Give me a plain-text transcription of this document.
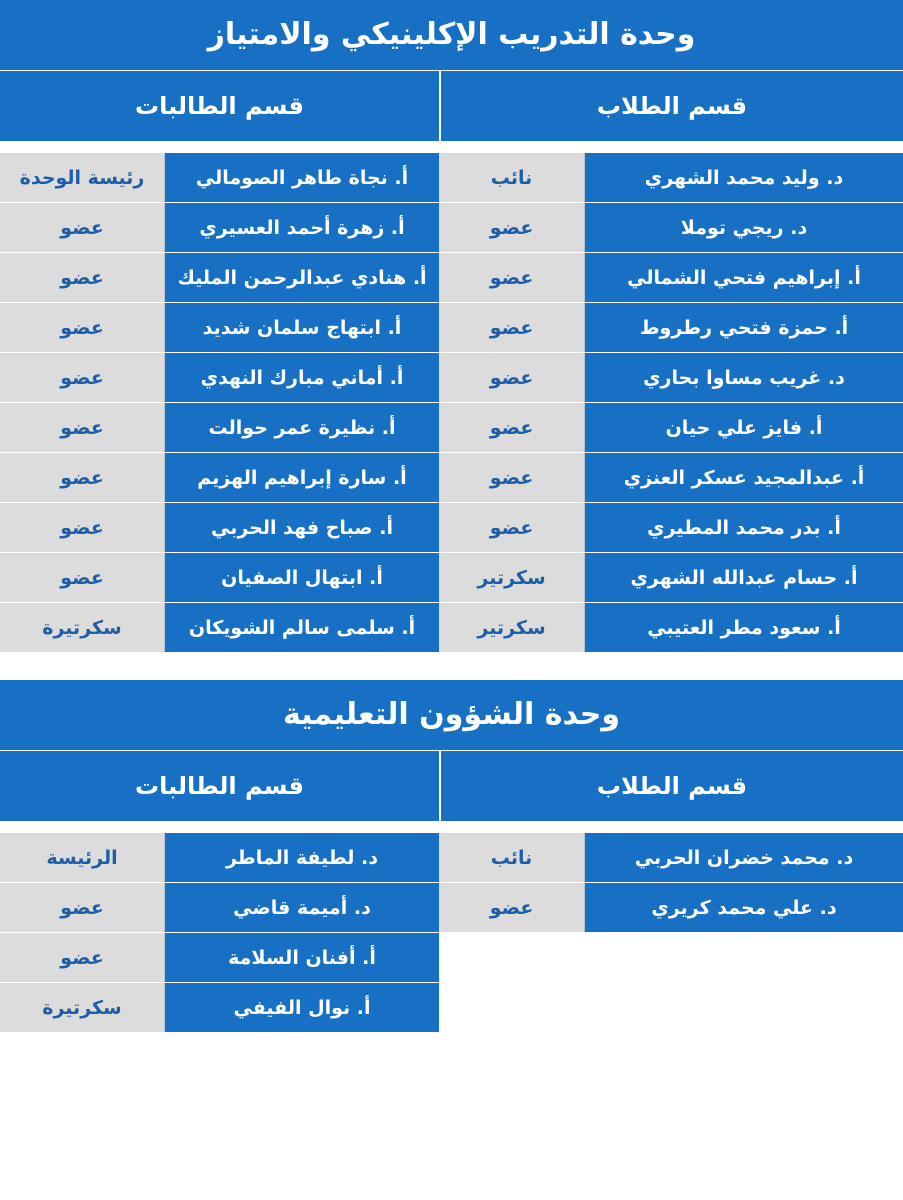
وحدة التدريب الإكلينيكي والامتياز
قسم الطلاب
قسم الطالبات
د. وليد محمد الشهري
نائب
د. ريجي توملا
عضو
أ. إبراهيم فتحي الشمالي
عضو
أ. حمزة فتحي رطروط
عضو
د. غريب مساوا بحاري
عضو
أ. فايز علي حيان
عضو
أ. عبدالمجيد عسكر العنزي
عضو
أ. بدر محمد المطيري
عضو
أ. حسام عبدالله الشهري
سكرتير
أ. سعود مطر العتيبي
سكرتير
أ. نجاة طاهر الصومالي
رئيسة الوحدة
أ. زهرة أحمد العسيري
عضو
أ. هنادي عبدالرحمن المليك
عضو
أ. ابتهاج سلمان شديد
عضو
أ. أماني مبارك النهدي
عضو
أ. نظيرة عمر حوالت
عضو
أ. سارة إبراهيم الهزيم
عضو
أ. صباح فهد الحربي
عضو
أ. ابتهال الصفيان
عضو
أ. سلمى سالم الشويكان
سكرتيرة
وحدة الشؤون التعليمية
قسم الطلاب
قسم الطالبات
د. محمد خضران الحربي
نائب
د. علي محمد كريري
عضو
د. لطيفة الماطر
الرئيسة
د. أميمة قاضي
عضو
أ. أفنان السلامة
عضو
أ. نوال الفيفي
سكرتيرة
